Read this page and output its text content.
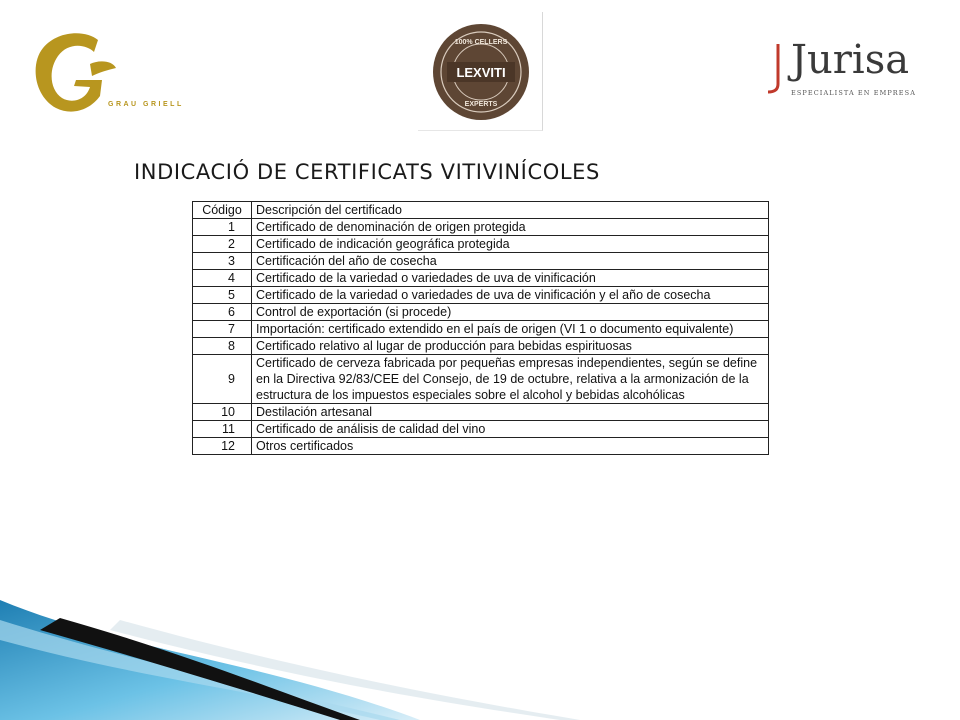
GRAU GRIELL
LEXVITI
100% CELLERS
EXPERTS
Jurisa
ESPECIALISTA EN EMPRESA
INDICACIÓ DE CERTIFICATS VITIVINÍCOLES
Código	Descripción del certificado
1	Certificado de denominación de origen protegida
2	Certificado de indicación geográfica protegida
3	Certificación del año de cosecha
4	Certificado de la variedad o variedades de uva de vinificación
5	Certificado de la variedad o variedades de uva de vinificación y el año de cosecha
6	Control de exportación (si procede)
7	Importación: certificado extendido en el país de origen (VI 1 o documento equivalente)
8	Certificado relativo al lugar de producción para bebidas espirituosas
9	Certificado de cerveza fabricada por pequeñas empresas independientes, según se define en la Directiva 92/83/CEE del Consejo, de 19 de octubre, relativa a la armonización de la estructura de los impuestos especiales sobre el alcohol y bebidas alcohólicas
10	Destilación artesanal
11	Certificado de análisis de calidad del vino
12	Otros certificados
